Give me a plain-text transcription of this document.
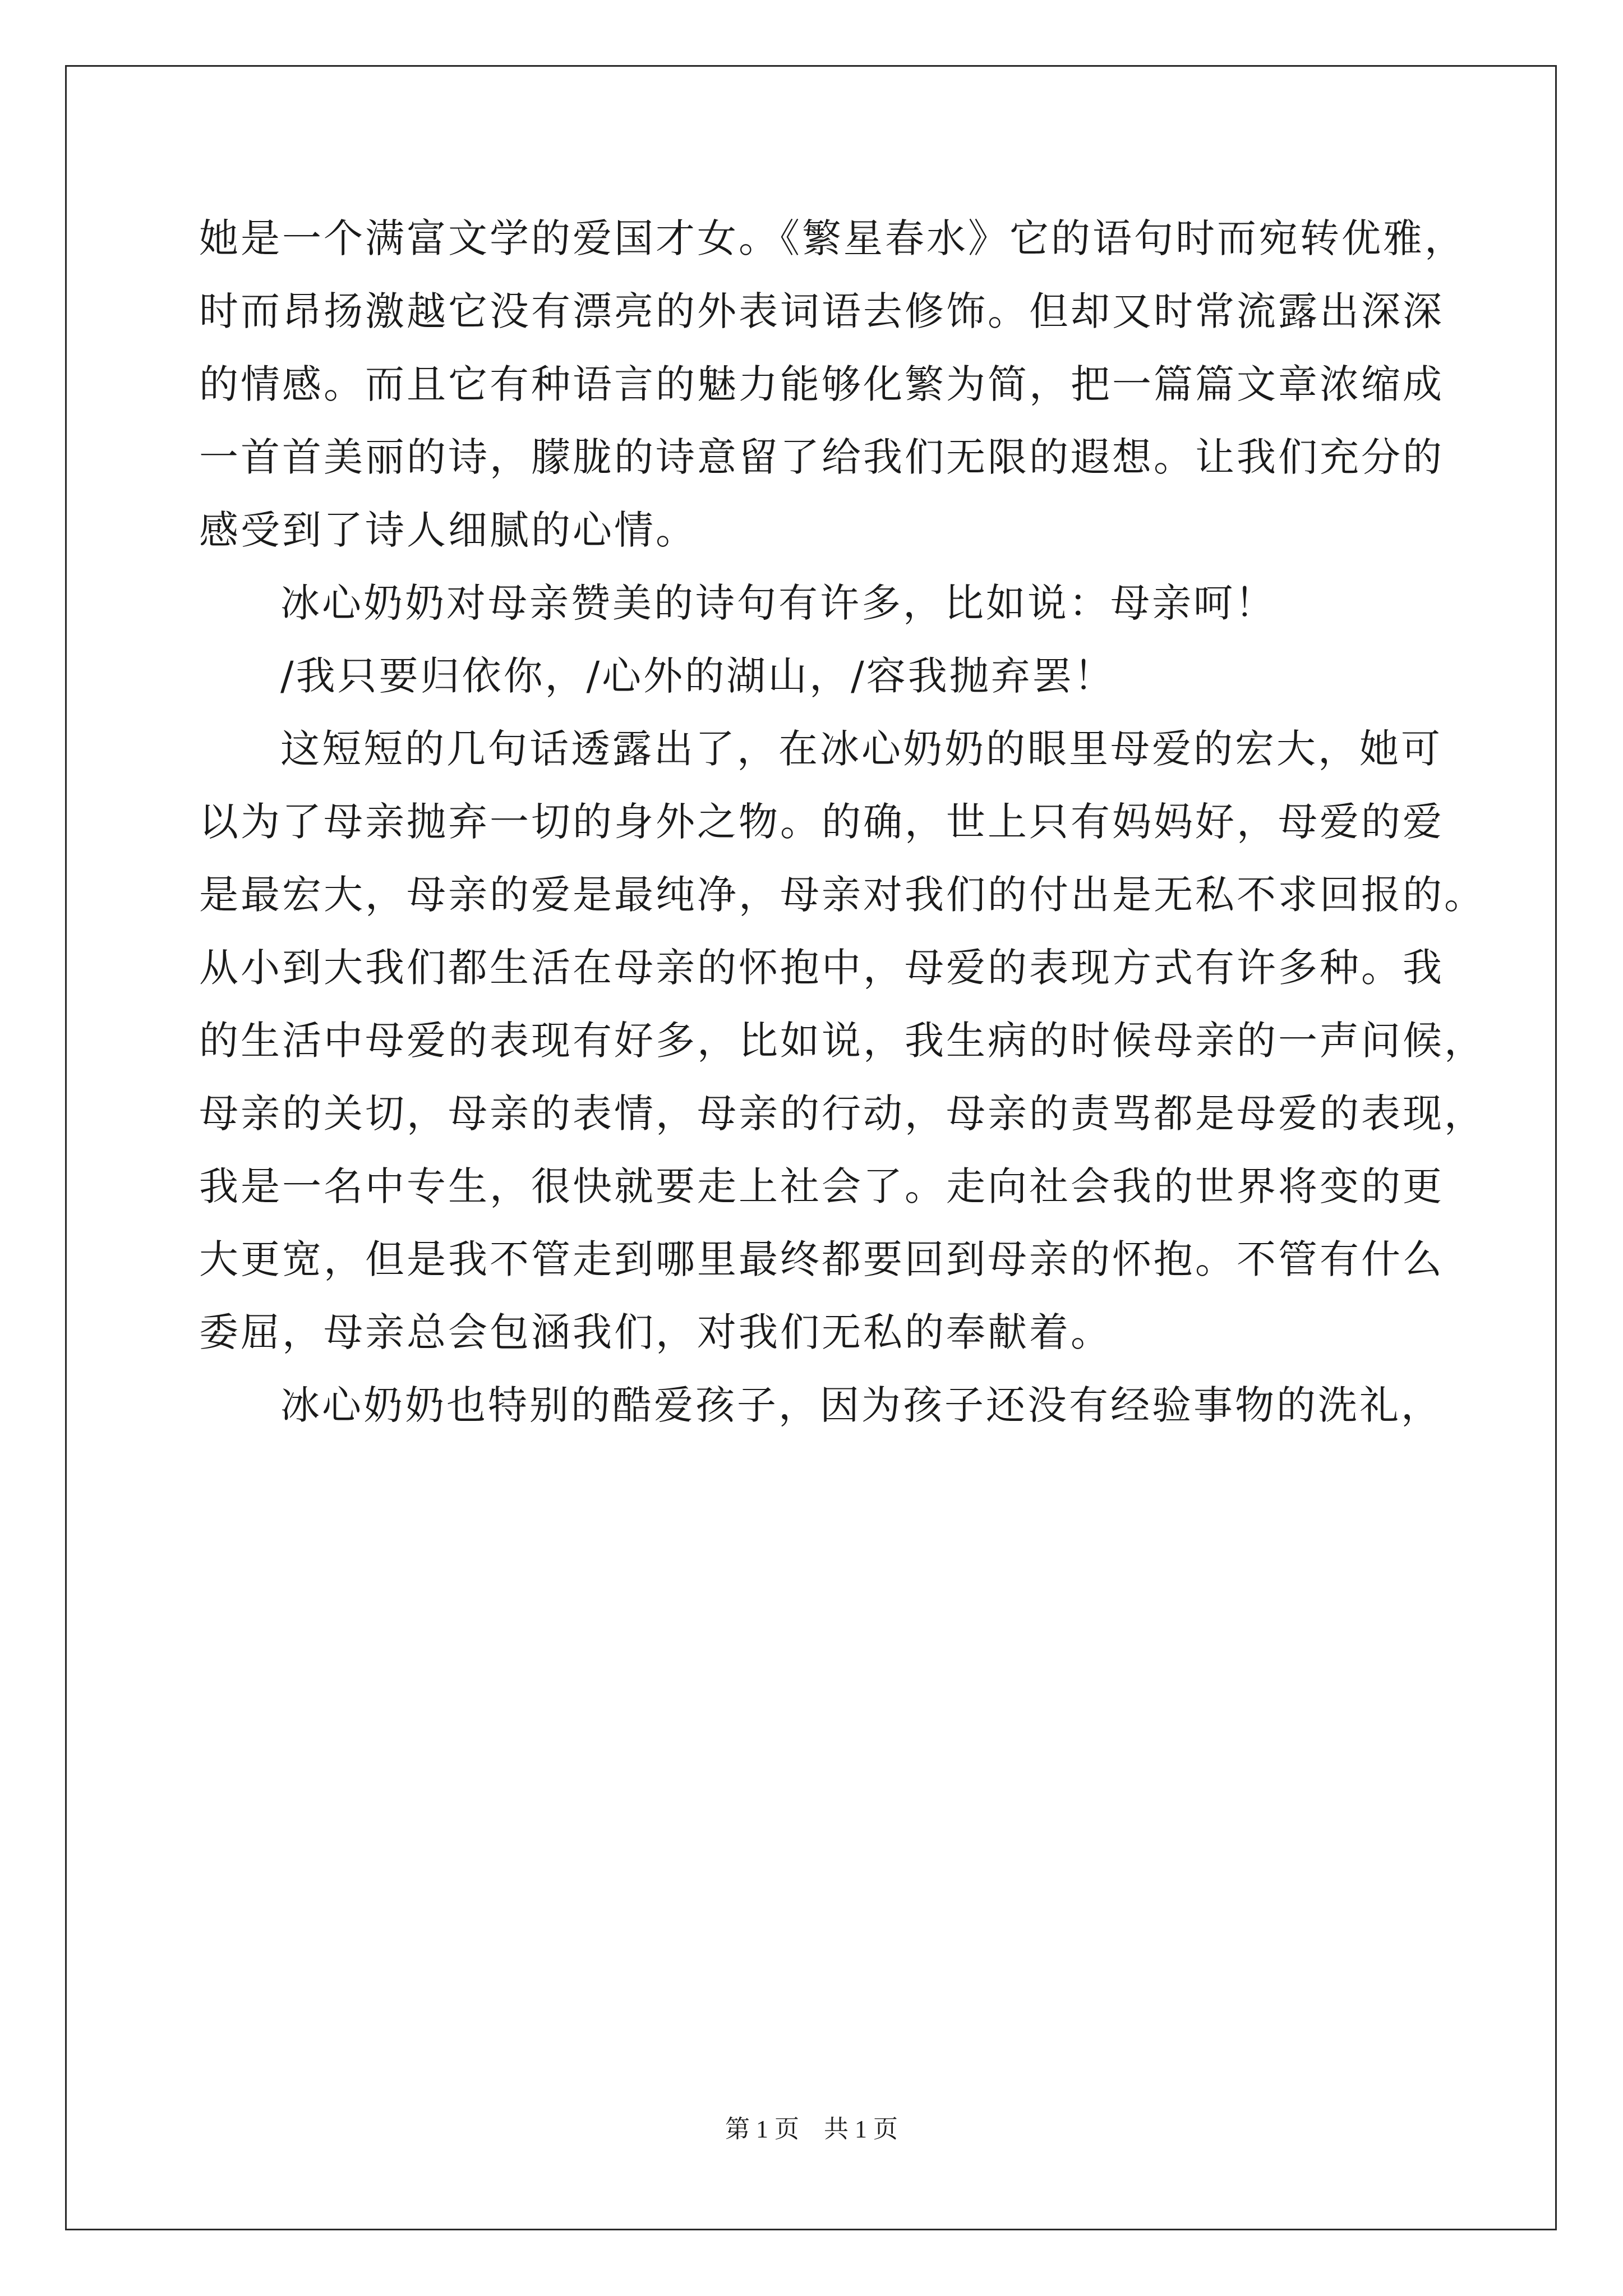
她是一个满富文学的爱国才女。《繁星春水》它的语句时而宛转优雅，
时而昂扬激越它没有漂亮的外表词语去修饰。但却又时常流露出深深
的情感。而且它有种语言的魅力能够化繁为简，把一篇篇文章浓缩成
一首首美丽的诗，朦胧的诗意留了给我们无限的遐想。让我们充分的
感受到了诗人细腻的心情。
冰心奶奶对母亲赞美的诗句有许多，比如说：母亲呵！
/我只要归依你，/心外的湖山，/容我抛弃罢！
这短短的几句话透露出了，在冰心奶奶的眼里母爱的宏大，她可
以为了母亲抛弃一切的身外之物。的确，世上只有妈妈好，母爱的爱
是最宏大，母亲的爱是最纯净，母亲对我们的付出是无私不求回报的。
从小到大我们都生活在母亲的怀抱中，母爱的表现方式有许多种。我
的生活中母爱的表现有好多，比如说，我生病的时候母亲的一声问候，
母亲的关切，母亲的表情，母亲的行动，母亲的责骂都是母爱的表现，
我是一名中专生，很快就要走上社会了。走向社会我的世界将变的更
大更宽，但是我不管走到哪里最终都要回到母亲的怀抱。不管有什么
委屈，母亲总会包涵我们，对我们无私的奉献着。
冰心奶奶也特别的酷爱孩子，因为孩子还没有经验事物的洗礼，
第 1 页　共 1 页
